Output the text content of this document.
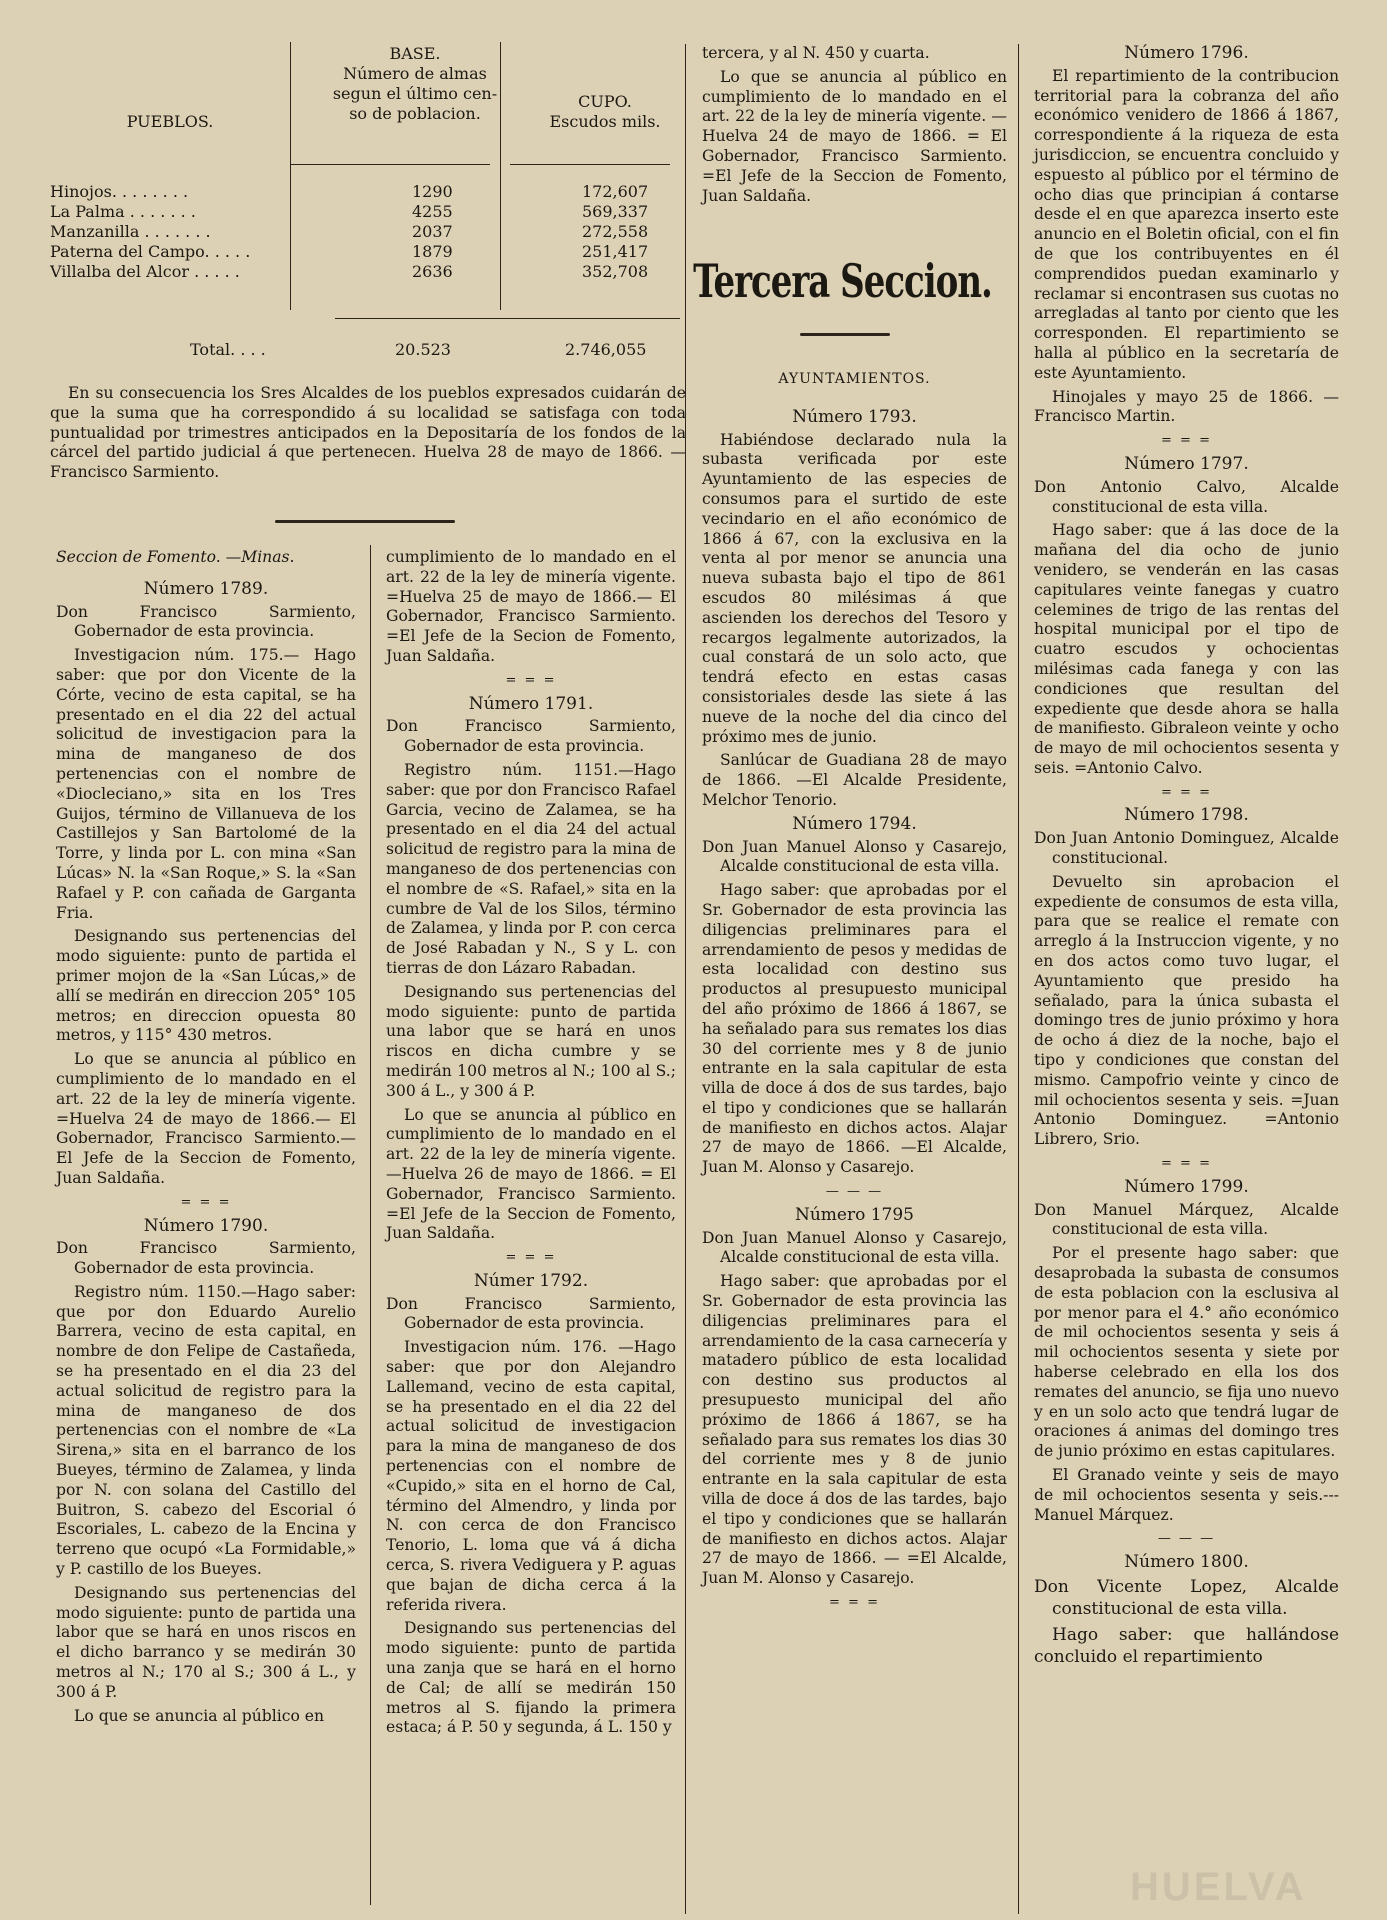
PUEBLOS.
BASE.
Número de almas
segun el último cen-
so de poblacion.
CUPO.
Escudos mils.
Hinojos. . . . . . . .	1290	172,607
La Palma . . . . . . .	4255	569,337
Manzanilla . . . . . . .	2037	272,558
Paterna del Campo. . . . .	1879	251,417
Villalba del Alcor . . . . .	2636	352,708
Total. . . .	20.523	2.746,055

En su consecuencia los Sres Alcaldes de los pueblos expresados cuidarán de que la suma que ha correspondido á su localidad se satisfaga con toda puntualidad por trimestres anticipados en la Depositaría de los fondos de la cárcel del partido judicial á que pertenecen. Huelva 28 de mayo de 1866. —Francisco Sarmiento.

Seccion de Fomento. —Minas.

Número 1789.

Don Francisco Sarmiento, Gobernador de esta provincia.

Investigacion núm. 175.— Hago saber: que por don Vicente de la Córte, vecino de esta capital, se ha presentado en el dia 22 del actual solicitud de investigacion para la mina de manganeso de dos pertenencias con el nombre de «Diocleciano,» sita en los Tres Guijos, término de Villanueva de los Castillejos y San Bartolomé de la Torre, y linda por L. con mina «San Lúcas» N. la «San Roque,» S. la «San Rafael y P. con cañada de Garganta Fria.

Designando sus pertenencias del modo siguiente: punto de partida el primer mojon de la «San Lúcas,» de allí se medirán en direccion 205° 105 metros; en direccion opuesta 80 metros, y 115° 430 metros.

Lo que se anuncia al público en cumplimiento de lo mandado en el art. 22 de la ley de minería vigente. =Huelva 24 de mayo de 1866.— El Gobernador, Francisco Sarmiento.—El Jefe de la Seccion de Fomento, Juan Saldaña.

= = =

Número 1790.

Don Francisco Sarmiento, Gobernador de esta provincia.

Registro núm. 1150.—Hago saber: que por don Eduardo Aurelio Barrera, vecino de esta capital, en nombre de don Felipe de Castañeda, se ha presentado en el dia 23 del actual solicitud de registro para la mina de manganeso de dos pertenencias con el nombre de «La Sirena,» sita en el barranco de los Bueyes, término de Zalamea, y linda por N. con solana del Castillo del Buitron, S. cabezo del Escorial ó Escoriales, L. cabezo de la Encina y terreno que ocupó «La Formidable,» y P. castillo de los Bueyes.

Designando sus pertenencias del modo siguiente: punto de partida una labor que se hará en unos riscos en el dicho barranco y se medirán 30 metros al N.; 170 al S.; 300 á L., y 300 á P.

Lo que se anuncia al público en

cumplimiento de lo mandado en el art. 22 de la ley de minería vigente. =Huelva 25 de mayo de 1866.— El Gobernador, Francisco Sarmiento. =El Jefe de la Secion de Fomento, Juan Saldaña.

= = =

Número 1791.

Don Francisco Sarmiento, Gobernador de esta provincia.

Registro núm. 1151.—Hago saber: que por don Francisco Rafael Garcia, vecino de Zalamea, se ha presentado en el dia 24 del actual solicitud de registro para la mina de manganeso de dos pertenencias con el nombre de «S. Rafael,» sita en la cumbre de Val de los Silos, término de Zalamea, y linda por P. con cerca de José Rabadan y N., S y L. con tierras de don Lázaro Rabadan.

Designando sus pertenencias del modo siguiente: punto de partida una labor que se hará en unos riscos en dicha cumbre y se medirán 100 metros al N.; 100 al S.; 300 á L., y 300 á P.

Lo que se anuncia al público en cumplimiento de lo mandado en el art. 22 de la ley de minería vigente. —Huelva 26 de mayo de 1866. = El Gobernador, Francisco Sarmiento. =El Jefe de la Seccion de Fomento, Juan Saldaña.

= = =

Númer 1792.

Don Francisco Sarmiento, Gobernador de esta provincia.

Investigacion núm. 176. —Hago saber: que por don Alejandro Lallemand, vecino de esta capital, se ha presentado en el dia 22 del actual solicitud de investigacion para la mina de manganeso de dos pertenencias con el nombre de «Cupido,» sita en el horno de Cal, término del Almendro, y linda por N. con cerca de don Francisco Tenorio, L. loma que vá á dicha cerca, S. rivera Vediguera y P. aguas que bajan de dicha cerca á la referida rivera.

Designando sus pertenencias del modo siguiente: punto de partida una zanja que se hará en el horno de Cal; de allí se medirán 150 metros al S. fijando la primera estaca; á P. 50 y segunda, á L. 150 y

tercera, y al N. 450 y cuarta.

Lo que se anuncia al público en cumplimiento de lo mandado en el art. 22 de la ley de minería vigente. —Huelva 24 de mayo de 1866. = El Gobernador, Francisco Sarmiento. =El Jefe de la Seccion de Fomento, Juan Saldaña.

Tercera Seccion.

AYUNTAMIENTOS.

Número 1793.

Habiéndose declarado nula la subasta verificada por este Ayuntamiento de las especies de consumos para el surtido de este vecindario en el año económico de 1866 á 67, con la exclusiva en la venta al por menor se anuncia una nueva subasta bajo el tipo de 861 escudos 80 milésimas á que ascienden los derechos del Tesoro y recargos legalmente autorizados, la cual constará de un solo acto, que tendrá efecto en estas casas consistoriales desde las siete á las nueve de la noche del dia cinco del próximo mes de junio.

Sanlúcar de Guadiana 28 de mayo de 1866. —El Alcalde Presidente, Melchor Tenorio.

Número 1794.

Don Juan Manuel Alonso y Casarejo, Alcalde constitucional de esta villa.

Hago saber: que aprobadas por el Sr. Gobernador de esta provincia las diligencias preliminares para el arrendamiento de pesos y medidas de esta localidad con destino sus productos al presupuesto municipal del año próximo de 1866 á 1867, se ha señalado para sus remates los dias 30 del corriente mes y 8 de junio entrante en la sala capitular de esta villa de doce á dos de sus tardes, bajo el tipo y condiciones que se hallarán de manifiesto en dichos actos. Alajar 27 de mayo de 1866. —El Alcalde, Juan M. Alonso y Casarejo.

— — —

Número 1795

Don Juan Manuel Alonso y Casarejo, Alcalde constitucional de esta villa.

Hago saber: que aprobadas por el Sr. Gobernador de esta provincia las diligencias preliminares para el arrendamiento de la casa carnecería y matadero público de esta localidad con destino sus productos al presupuesto municipal del año próximo de 1866 á 1867, se ha señalado para sus remates los dias 30 del corriente mes y 8 de junio entrante en la sala capitular de esta villa de doce á dos de las tardes, bajo el tipo y condiciones que se hallarán de manifiesto en dichos actos. Alajar 27 de mayo de 1866. — =El Alcalde, Juan M. Alonso y Casarejo.

= = =

Número 1796.

El repartimiento de la contribucion territorial para la cobranza del año económico venidero de 1866 á 1867, correspondiente á la riqueza de esta jurisdiccion, se encuentra concluido y espuesto al público por el término de ocho dias que principian á contarse desde el en que aparezca inserto este anuncio en el Boletin oficial, con el fin de que los contribuyentes en él comprendidos puedan examinarlo y reclamar si encontrasen sus cuotas no arregladas al tanto por ciento que les corresponden. El repartimiento se halla al público en la secretaría de este Ayuntamiento.

Hinojales y mayo 25 de 1866. —Francisco Martin.

= = =

Número 1797.

Don Antonio Calvo, Alcalde constitucional de esta villa.

Hago saber: que á las doce de la mañana del dia ocho de junio venidero, se venderán en las casas capitulares veinte fanegas y cuatro celemines de trigo de las rentas del hospital municipal por el tipo de cuatro escudos y ochocientas milésimas cada fanega y con las condiciones que resultan del expediente que desde ahora se halla de manifiesto. Gibraleon veinte y ocho de mayo de mil ochocientos sesenta y seis. =Antonio Calvo.

= = =

Número 1798.

Don Juan Antonio Dominguez, Alcalde constitucional.

Devuelto sin aprobacion el expediente de consumos de esta villa, para que se realice el remate con arreglo á la Instruccion vigente, y no en dos actos como tuvo lugar, el Ayuntamiento que presido ha señalado, para la única subasta el domingo tres de junio próximo y hora de ocho á diez de la noche, bajo el tipo y condiciones que constan del mismo. Campofrio veinte y cinco de mil ochocientos sesenta y seis. =Juan Antonio Dominguez. =Antonio Librero, Srio.

= = =

Número 1799.

Don Manuel Márquez, Alcalde constitucional de esta villa.

Por el presente hago saber: que desaprobada la subasta de consumos de esta poblacion con la esclusiva al por menor para el 4.° año económico de mil ochocientos sesenta y seis á mil ochocientos sesenta y siete por haberse celebrado en ella los dos remates del anuncio, se fija uno nuevo y en un solo acto que tendrá lugar de oraciones á animas del domingo tres de junio próximo en estas capitulares.

El Granado veinte y seis de mayo de mil ochocientos sesenta y seis.---Manuel Márquez.

— — —

Número 1800.

Don Vicente Lopez, Alcalde constitucional de esta villa.

Hago saber: que hallándose concluido el repartimiento

HUELVA
